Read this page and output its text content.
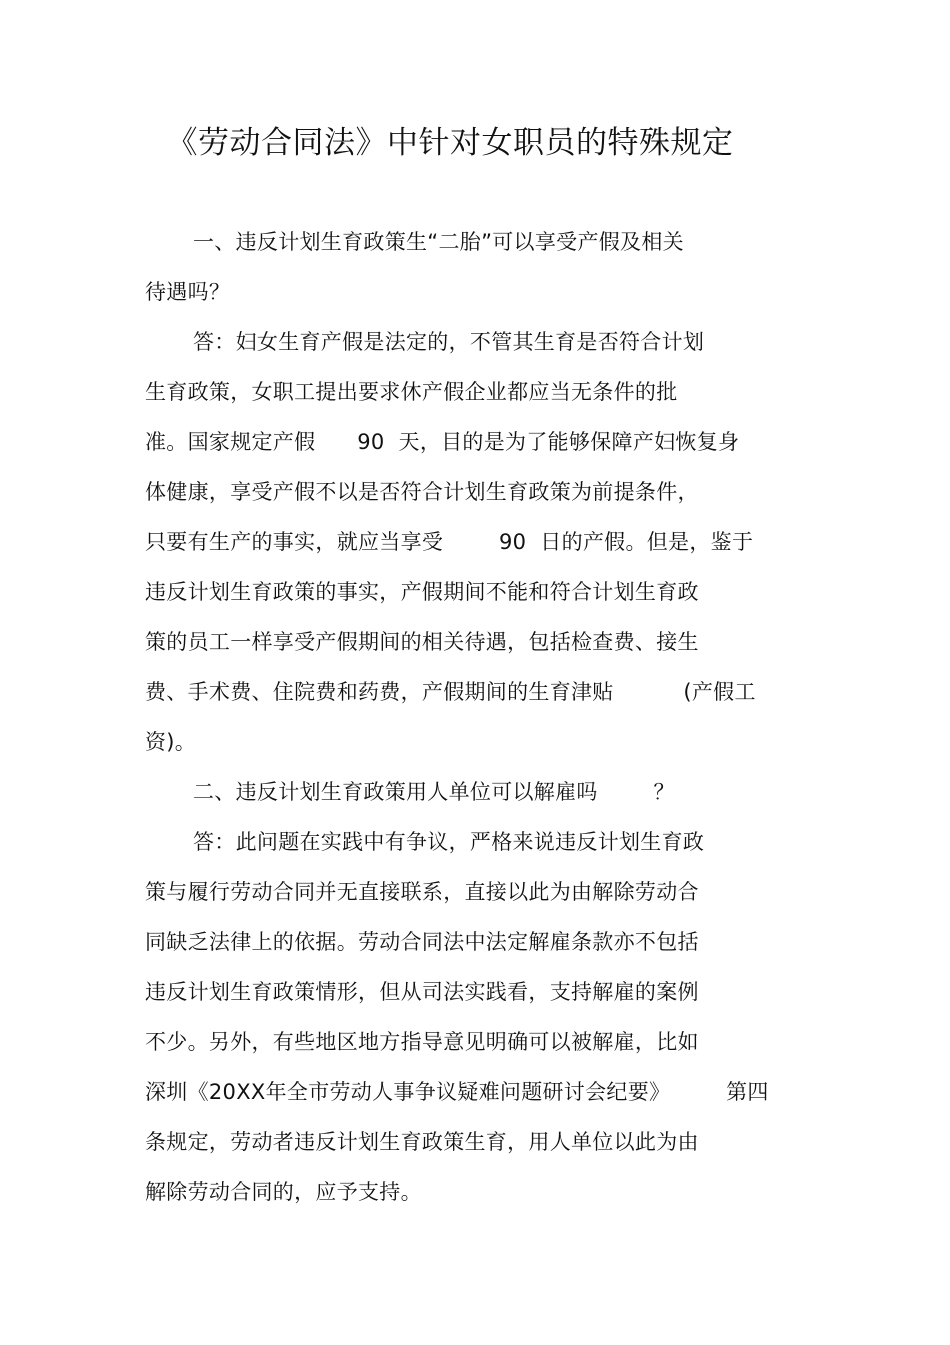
《劳动合同法》中针对女职员的特殊规定
一、违反计划生育政策生“二胎”可以享受产假及相关
待遇吗？
答：妇女生育产假是法定的，不管其生育是否符合计划
生育政策，女职工提出要求休产假企业都应当无条件的批
准。国家规定产假      90  天，目的是为了能够保障产妇恢复身
体健康，享受产假不以是否符合计划生育政策为前提条件，
只要有生产的事实，就应当享受        90  日的产假。但是，鉴于
违反计划生育政策的事实，产假期间不能和符合计划生育政
策的员工一样享受产假期间的相关待遇，包括检查费、接生
费、手术费、住院费和药费，产假期间的生育津贴          (产假工
资)。
二、违反计划生育政策用人单位可以解雇吗        ？
答：此问题在实践中有争议，严格来说违反计划生育政
策与履行劳动合同并无直接联系，直接以此为由解除劳动合
同缺乏法律上的依据。劳动合同法中法定解雇条款亦不包括
违反计划生育政策情形，但从司法实践看，支持解雇的案例
不少。另外，有些地区地方指导意见明确可以被解雇，比如
深圳《20XX年全市劳动人事争议疑难问题研讨会纪要》        第四
条规定，劳动者违反计划生育政策生育，用人单位以此为由
解除劳动合同的，应予支持。
